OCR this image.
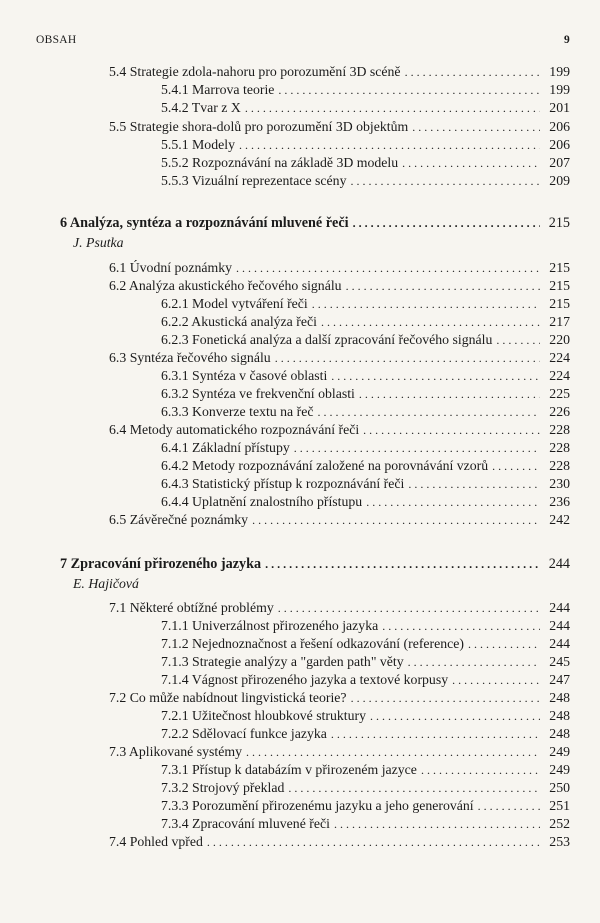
OBSAH	9
5.4 Strategie zdola-nahoru pro porozumění 3D scéně . . .	199
5.4.1 Marrova teorie . . .	199
5.4.2 Tvar z X . . .	201
5.5 Strategie shora-dolů pro porozumění 3D objektům . . .	206
5.5.1 Modely . . .	206
5.5.2 Rozpoznávání na základě 3D modelu . . .	207
5.5.3 Vizuální reprezentace scény . . .	209
6 Analýza, syntéza a rozpoznávání mluvené řeči . . .	215
J. Psutka
6.1 Úvodní poznámky . . .	215
6.2 Analýza akustického řečového signálu . . .	215
6.2.1 Model vytváření řeči . . .	215
6.2.2 Akustická analýza řeči . . .	217
6.2.3 Fonetická analýza a další zpracování řečového signálu . . .	220
6.3 Syntéza řečového signálu . . .	224
6.3.1 Syntéza v časové oblasti . . .	224
6.3.2 Syntéza ve frekvenční oblasti . . .	225
6.3.3 Konverze textu na řeč . . .	226
6.4 Metody automatického rozpoznávání řeči . . .	228
6.4.1 Základní přístupy . . .	228
6.4.2 Metody rozpoznávání založené na porovnávání vzorů . . .	228
6.4.3 Statistický přístup k rozpoznávání řeči . . .	230
6.4.4 Uplatnění znalostního přístupu . . .	236
6.5 Závěrečné poznámky . . .	242
7 Zpracování přirozeného jazyka . . .	244
E. Hajičová
7.1 Některé obtížné problémy . . .	244
7.1.1 Univerzálnost přirozeného jazyka . . .	244
7.1.2 Nejednoznačnost a řešení odkazování (reference) . . .	244
7.1.3 Strategie analýzy a "garden path" věty . . .	245
7.1.4 Vágnost přirozeného jazyka a textové korpusy . . .	247
7.2 Co může nabídnout lingvistická teorie? . . .	248
7.2.1 Užitečnost hloubkové struktury . . .	248
7.2.2 Sdělovací funkce jazyka . . .	248
7.3 Aplikované systémy . . .	249
7.3.1 Přístup k databázím v přirozeném jazyce . . .	249
7.3.2 Strojový překlad . . .	250
7.3.3 Porozumění přirozenému jazyku a jeho generování . . .	251
7.3.4 Zpracování mluvené řeči . . .	252
7.4 Pohled vpřed . . .	253
